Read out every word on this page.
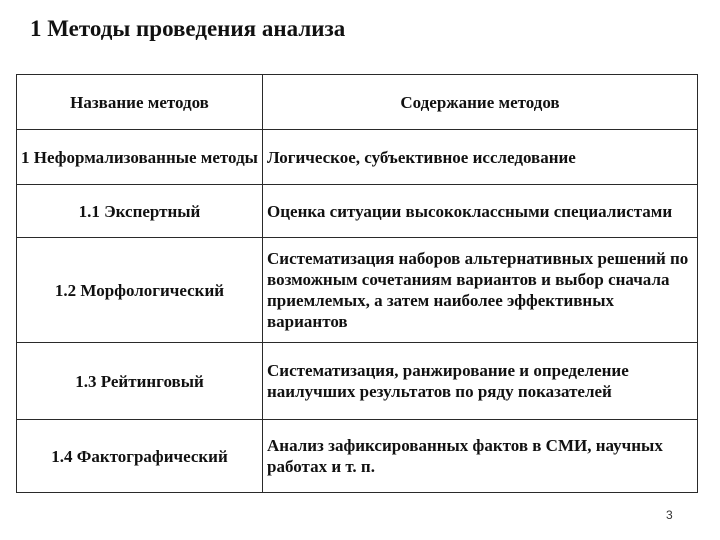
1 Методы проведения анализа
Название методов	Содержание методов
1 Неформализованные методы	Логическое, субъективное исследование
1.1 Экспертный	Оценка ситуации высококлассными специалистами
1.2 Морфологический	Систематизация наборов альтернативных решений по возможным сочетаниям вариантов и выбор сначала приемлемых, а затем наиболее эффективных вариантов
1.3 Рейтинговый	Систематизация, ранжирование и определение наилучших результатов по ряду показателей
1.4 Фактографический	Анализ зафиксированных фактов в СМИ, научных работах и т. п.
3
